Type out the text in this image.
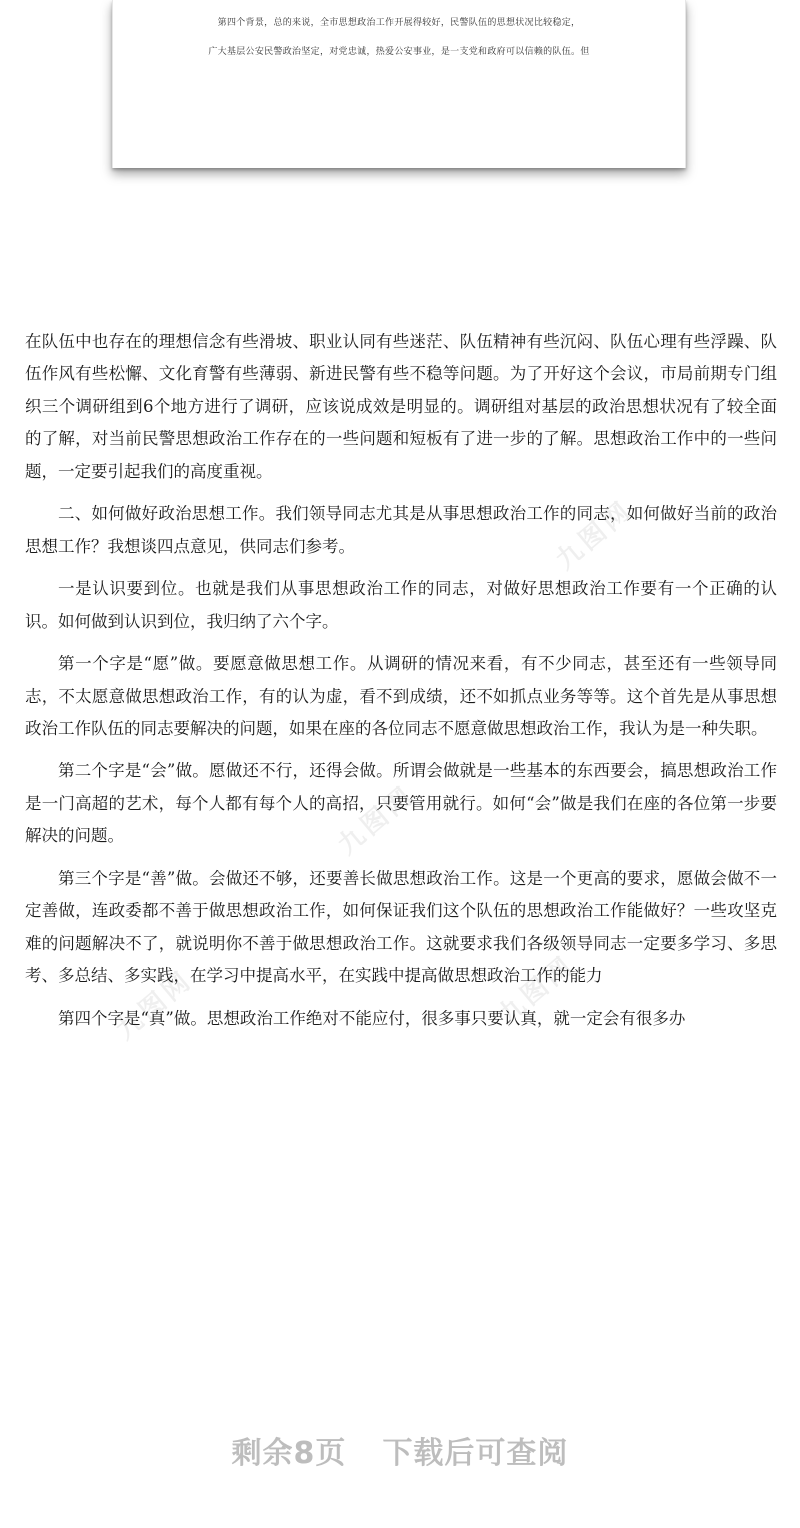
第四个背景，总的来说，全市思想政治工作开展得较好，民警队伍的思想状况比较稳定，
广大基层公安民警政治坚定，对党忠诚，热爱公安事业，是一支党和政府可以信赖的队伍。但
九图网
九图网
九图网	九图网

在队伍中也存在的理想信念有些滑坡、职业认同有些迷茫、队伍精神有些沉闷、队伍心理有些浮躁、队伍作风有些松懈、文化育警有些薄弱、新进民警有些不稳等问题。为了开好这个会议，市局前期专门组织三个调研组到6个地方进行了调研，应该说成效是明显的。调研组对基层的政治思想状况有了较全面的了解，对当前民警思想政治工作存在的一些问题和短板有了进一步的了解。思想政治工作中的一些问题，一定要引起我们的高度重视。

二、如何做好政治思想工作。我们领导同志尤其是从事思想政治工作的同志，如何做好当前的政治思想工作？我想谈四点意见，供同志们参考。

一是认识要到位。也就是我们从事思想政治工作的同志，对做好思想政治工作要有一个正确的认识。如何做到认识到位，我归纳了六个字。

第一个字是“愿”做。要愿意做思想工作。从调研的情况来看，有不少同志，甚至还有一些领导同志，不太愿意做思想政治工作，有的认为虚，看不到成绩，还不如抓点业务等等。这个首先是从事思想政治工作队伍的同志要解决的问题，如果在座的各位同志不愿意做思想政治工作，我认为是一种失职。

第二个字是“会”做。愿做还不行，还得会做。所谓会做就是一些基本的东西要会，搞思想政治工作是一门高超的艺术，每个人都有每个人的高招，只要管用就行。如何“会”做是我们在座的各位第一步要解决的问题。

第三个字是“善”做。会做还不够，还要善长做思想政治工作。这是一个更高的要求，愿做会做不一定善做，连政委都不善于做思想政治工作，如何保证我们这个队伍的思想政治工作能做好？一些攻坚克难的问题解决不了，就说明你不善于做思想政治工作。这就要求我们各级领导同志一定要多学习、多思考、多总结、多实践，在学习中提高水平，在实践中提高做思想政治工作的能力

第四个字是“真”做。思想政治工作绝对不能应付，很多事只要认真，就一定会有很多办

剩余8页 下载后可查阅
